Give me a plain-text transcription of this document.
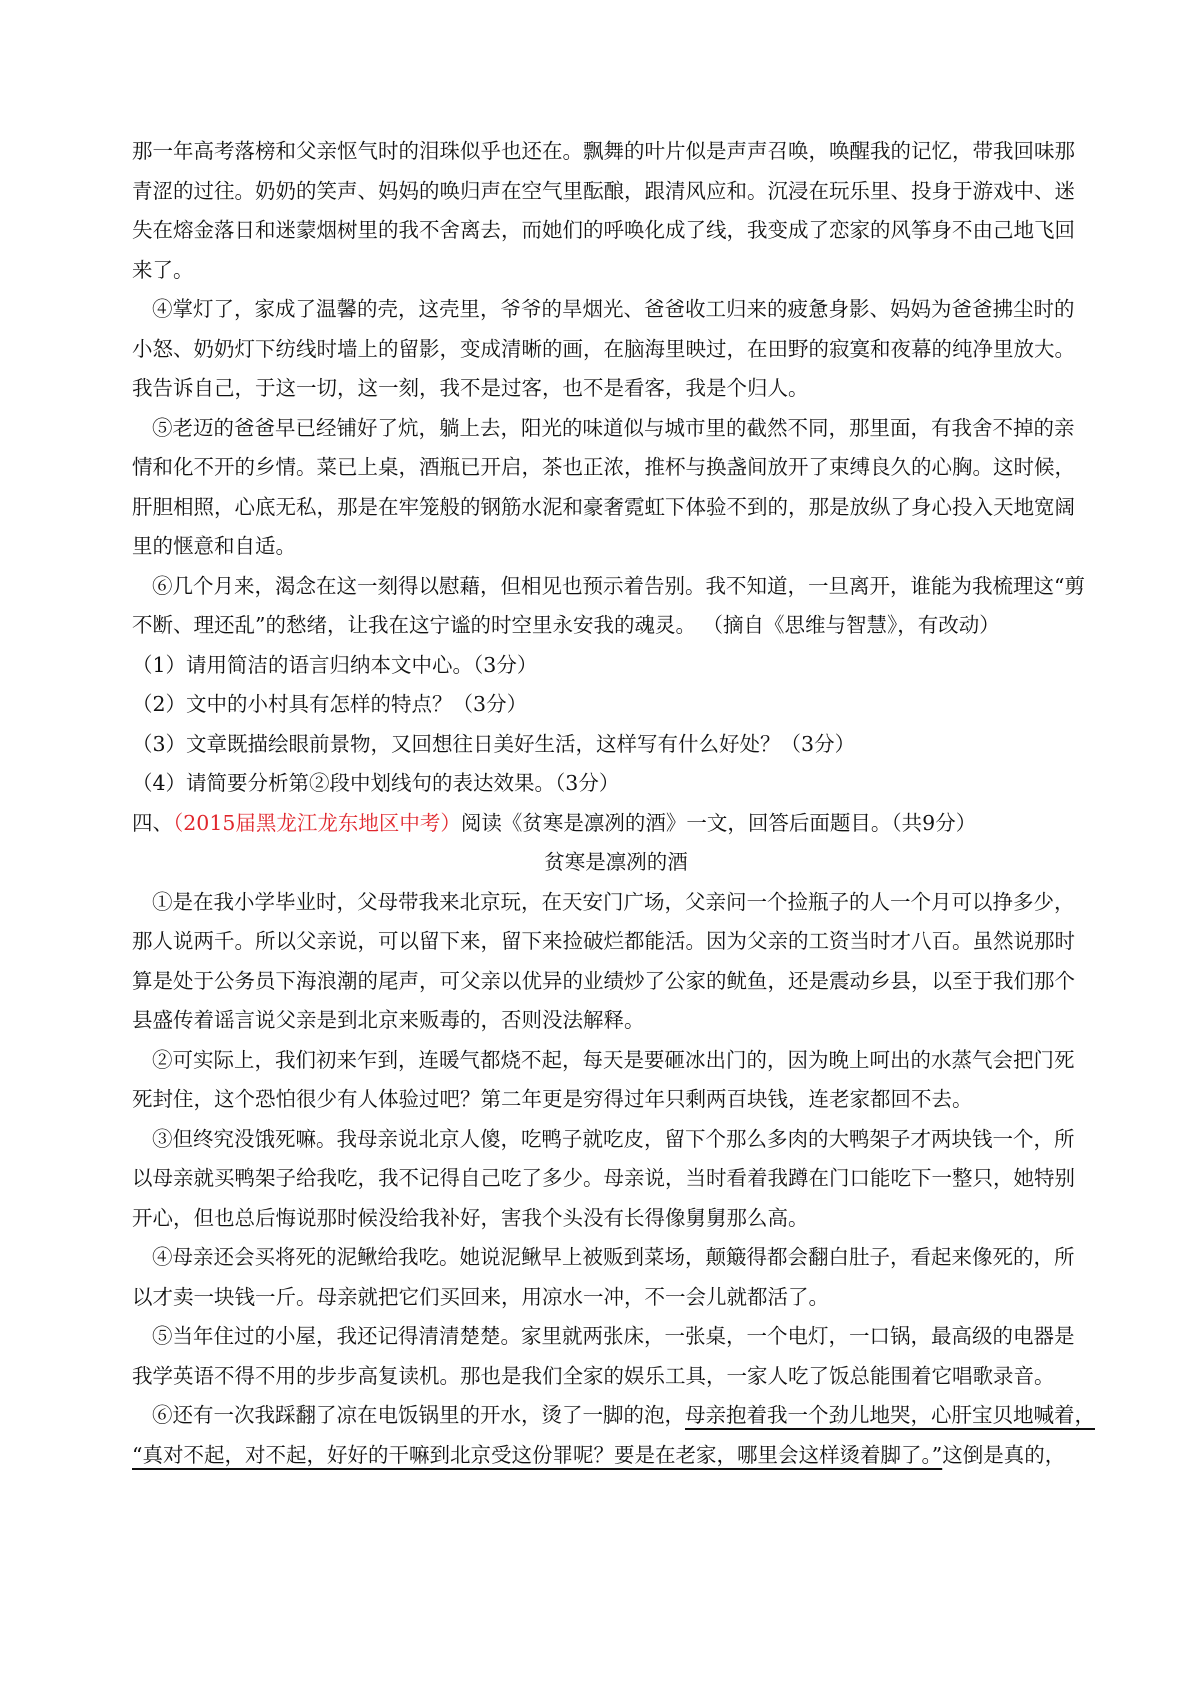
那一年高考落榜和父亲怄气时的泪珠似乎也还在。飘舞的叶片似是声声召唤，唤醒我的记忆，带我回味那
青涩的过往。奶奶的笑声、妈妈的唤归声在空气里酝酿，跟清风应和。沉浸在玩乐里、投身于游戏中、迷
失在熔金落日和迷蒙烟树里的我不舍离去，而她们的呼唤化成了线，我变成了恋家的风筝身不由己地飞回
来了。
④掌灯了，家成了温馨的壳，这壳里，爷爷的旱烟光、爸爸收工归来的疲惫身影、妈妈为爸爸拂尘时的
小怒、奶奶灯下纺线时墙上的留影，变成清晰的画，在脑海里映过，在田野的寂寞和夜幕的纯净里放大。
我告诉自己，于这一切，这一刻，我不是过客，也不是看客，我是个归人。
⑤老迈的爸爸早已经铺好了炕，躺上去，阳光的味道似与城市里的截然不同，那里面，有我舍不掉的亲
情和化不开的乡情。菜已上桌，酒瓶已开启，茶也正浓，推杯与换盏间放开了束缚良久的心胸。这时候，
肝胆相照，心底无私，那是在牢笼般的钢筋水泥和豪奢霓虹下体验不到的，那是放纵了身心投入天地宽阔
里的惬意和自适。
⑥几个月来，渴念在这一刻得以慰藉，但相见也预示着告别。我不知道，一旦离开，谁能为我梳理这“剪
不断、理还乱”的愁绪，让我在这宁谧的时空里永安我的魂灵。 （摘自《思维与智慧》，有改动）
（1）请用简洁的语言归纳本文中心。（3分）
（2）文中的小村具有怎样的特点？（3分）
（3）文章既描绘眼前景物，又回想往日美好生活，这样写有什么好处？（3分）
（4）请简要分析第②段中划线句的表达效果。（3分）
四、（2015届黑龙江龙东地区中考）阅读《贫寒是凛冽的酒》一文，回答后面题目。（共9分）
贫寒是凛冽的酒
①是在我小学毕业时，父母带我来北京玩，在天安门广场，父亲问一个捡瓶子的人一个月可以挣多少，
那人说两千。所以父亲说，可以留下来，留下来捡破烂都能活。因为父亲的工资当时才八百。虽然说那时
算是处于公务员下海浪潮的尾声，可父亲以优异的业绩炒了公家的鱿鱼，还是震动乡县，以至于我们那个
县盛传着谣言说父亲是到北京来贩毒的，否则没法解释。
②可实际上，我们初来乍到，连暖气都烧不起，每天是要砸冰出门的，因为晚上呵出的水蒸气会把门死
死封住，这个恐怕很少有人体验过吧？第二年更是穷得过年只剩两百块钱，连老家都回不去。
③但终究没饿死嘛。我母亲说北京人傻，吃鸭子就吃皮，留下个那么多肉的大鸭架子才两块钱一个，所
以母亲就买鸭架子给我吃，我不记得自己吃了多少。母亲说，当时看着我蹲在门口能吃下一整只，她特别
开心，但也总后悔说那时候没给我补好，害我个头没有长得像舅舅那么高。
④母亲还会买将死的泥鳅给我吃。她说泥鳅早上被贩到菜场，颠簸得都会翻白肚子，看起来像死的，所
以才卖一块钱一斤。母亲就把它们买回来，用凉水一冲，不一会儿就都活了。
⑤当年住过的小屋，我还记得清清楚楚。家里就两张床，一张桌，一个电灯，一口锅，最高级的电器是
我学英语不得不用的步步高复读机。那也是我们全家的娱乐工具，一家人吃了饭总能围着它唱歌录音。
⑥还有一次我踩翻了凉在电饭锅里的开水，烫了一脚的泡，母亲抱着我一个劲儿地哭，心肝宝贝地喊着，
“真对不起，对不起，好好的干嘛到北京受这份罪呢？要是在老家，哪里会这样烫着脚了。”这倒是真的，
